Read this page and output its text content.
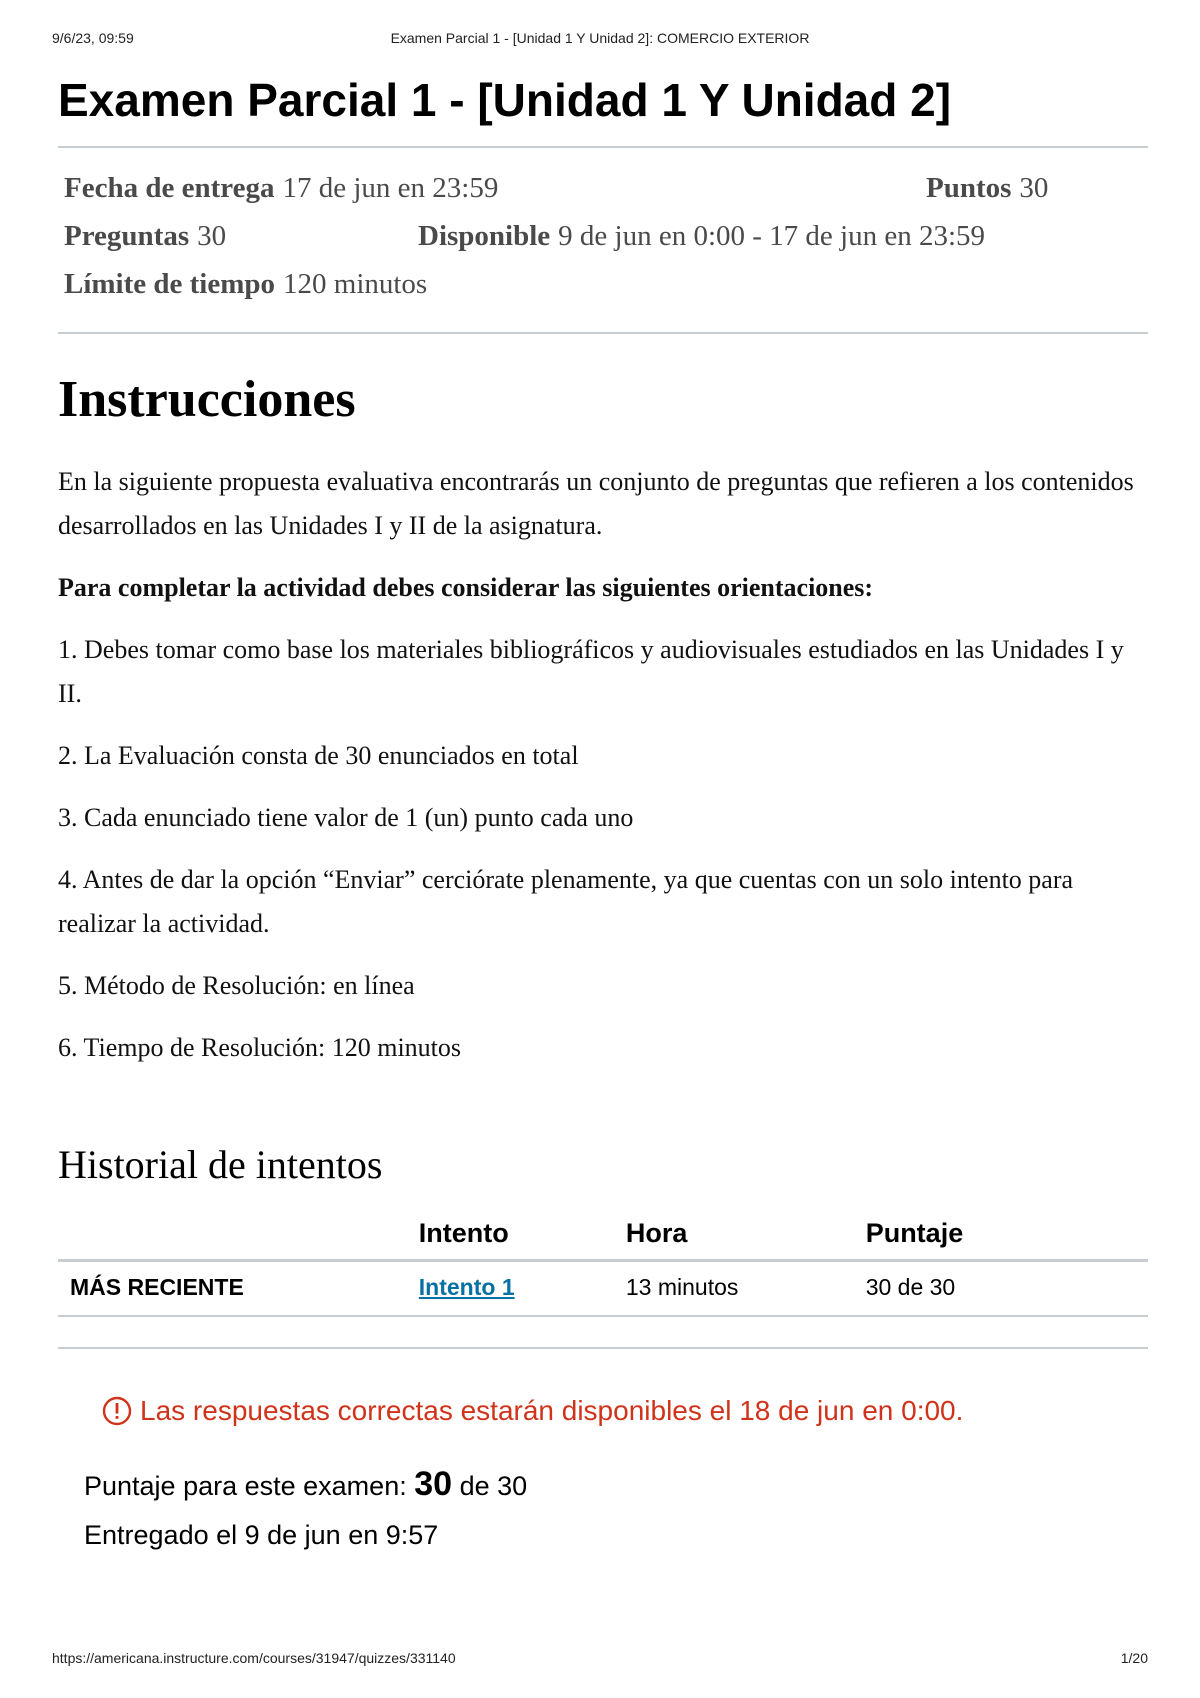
9/6/23, 09:59	Examen Parcial 1 - [Unidad 1 Y Unidad 2]: COMERCIO EXTERIOR
Examen Parcial 1 - [Unidad 1 Y Unidad 2]
Fecha de entrega 17 de jun en 23:59	Puntos 30
Preguntas 30	Disponible 9 de jun en 0:00 - 17 de jun en 23:59
Límite de tiempo 120 minutos
Instrucciones

En la siguiente propuesta evaluativa encontrarás un conjunto de preguntas que refieren a los contenidos desarrollados en las Unidades I y II de la asignatura.

Para completar la actividad debes considerar las siguientes orientaciones:

1. Debes tomar como base los materiales bibliográficos y audiovisuales estudiados en las Unidades I y II.

2. La Evaluación consta de 30 enunciados en total

3. Cada enunciado tiene valor de 1 (un) punto cada uno

4. Antes de dar la opción “Enviar” cerciórate plenamente, ya que cuentas con un solo intento para realizar la actividad.

5. Método de Resolución: en línea

6. Tiempo de Resolución: 120 minutos

Historial de intentos
	Intento	Hora	Puntaje
MÁS RECIENTE	Intento 1	13 minutos	30 de 30
Las respuestas correctas estarán disponibles el 18 de jun en 0:00.
Puntaje para este examen: 30 de 30
Entregado el 9 de jun en 9:57
https://americana.instructure.com/courses/31947/quizzes/331140	1/20
